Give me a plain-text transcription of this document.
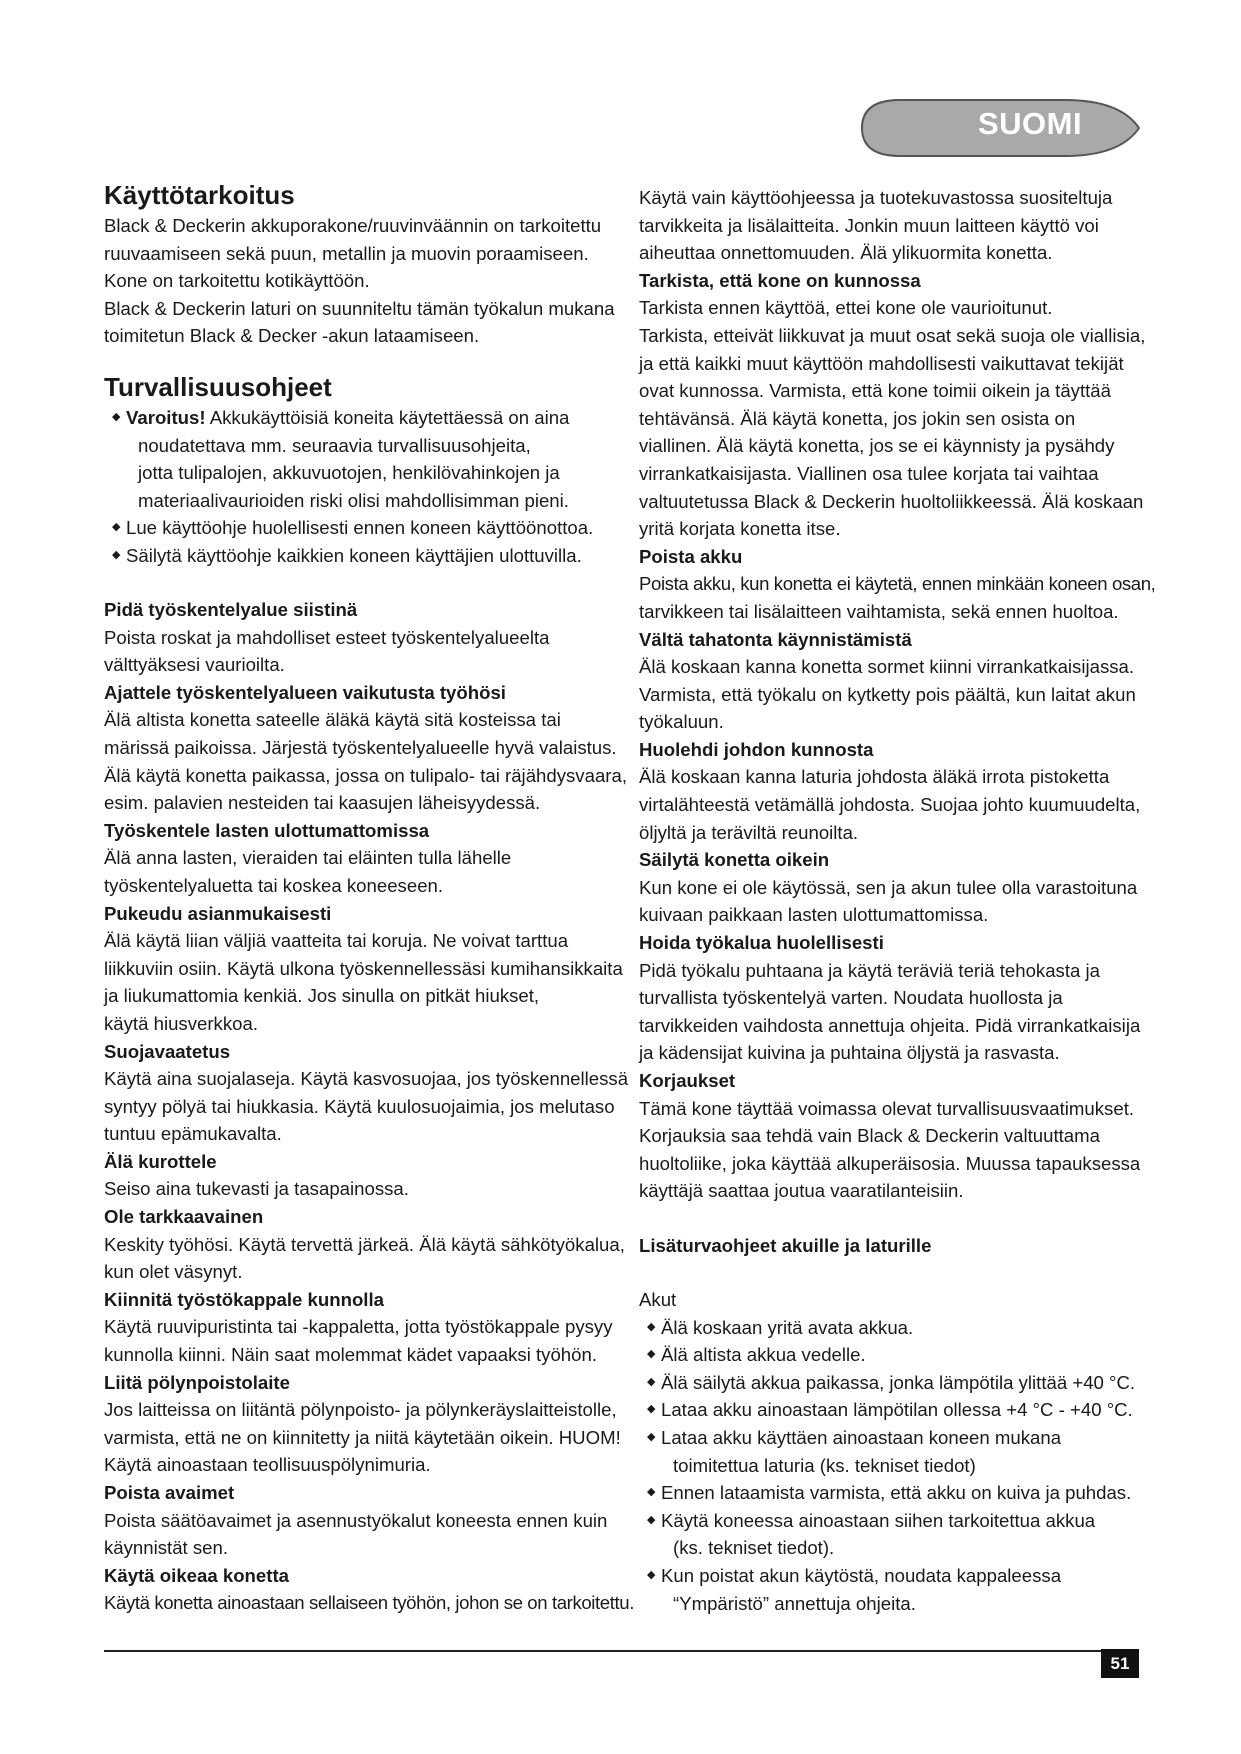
SUOMI
Käyttötarkoitus
Black & Deckerin akkuporakone/ruuvinväännin on tarkoitettu
ruuvaamiseen sekä puun, metallin ja muovin poraamiseen.
Kone on tarkoitettu kotikäyttöön.
Black & Deckerin laturi on suunniteltu tämän työkalun mukana
toimitetun Black & Decker -akun lataamiseen.
Turvallisuusohjeet
◆ Varoitus! Akkukäyttöisiä koneita käytettäessä on aina
noudatettava mm. seuraavia turvallisuusohjeita,
jotta tulipalojen, akkuvuotojen, henkilövahinkojen ja
materiaalivaurioiden riski olisi mahdollisimman pieni.
◆ Lue käyttöohje huolellisesti ennen koneen käyttöönottoa.
◆ Säilytä käyttöohje kaikkien koneen käyttäjien ulottuvilla.
Pidä työskentelyalue siistinä
Poista roskat ja mahdolliset esteet työskentelyalueelta
välttyäksesi vaurioilta.
Ajattele työskentelyalueen vaikutusta työhösi
Älä altista konetta sateelle äläkä käytä sitä kosteissa tai
märissä paikoissa. Järjestä työskentelyalueelle hyvä valaistus.
Älä käytä konetta paikassa, jossa on tulipalo- tai räjähdysvaara,
esim. palavien nesteiden tai kaasujen läheisyydessä.
Työskentele lasten ulottumattomissa
Älä anna lasten, vieraiden tai eläinten tulla lähelle
työskentelyaluetta tai koskea koneeseen.
Pukeudu asianmukaisesti
Älä käytä liian väljiä vaatteita tai koruja. Ne voivat tarttua
liikkuviin osiin. Käytä ulkona työskennellessäsi kumihansikkaita
ja liukumattomia kenkiä. Jos sinulla on pitkät hiukset,
käytä hiusverkkoa.
Suojavaatetus
Käytä aina suojalaseja. Käytä kasvosuojaa, jos työskennellessä
syntyy pölyä tai hiukkasia. Käytä kuulosuojaimia, jos melutaso
tuntuu epämukavalta.
Älä kurottele
Seiso aina tukevasti ja tasapainossa.
Ole tarkkaavainen
Keskity työhösi. Käytä tervettä järkeä. Älä käytä sähkötyökalua,
kun olet väsynyt.
Kiinnitä työstökappale kunnolla
Käytä ruuvipuristinta tai -kappaletta, jotta työstökappale pysyy
kunnolla kiinni. Näin saat molemmat kädet vapaaksi työhön.
Liitä pölynpoistolaite
Jos laitteissa on liitäntä pölynpoisto- ja pölynkeräyslaitteistolle,
varmista, että ne on kiinnitetty ja niitä käytetään oikein. HUOM!
Käytä ainoastaan teollisuuspölynimuria.
Poista avaimet
Poista säätöavaimet ja asennustyökalut koneesta ennen kuin
käynnistät sen.
Käytä oikeaa konetta
Käytä konetta ainoastaan sellaiseen työhön, johon se on tarkoitettu.
Käytä vain käyttöohjeessa ja tuotekuvastossa suositeltuja
tarvikkeita ja lisälaitteita. Jonkin muun laitteen käyttö voi
aiheuttaa onnettomuuden. Älä ylikuormita konetta.
Tarkista, että kone on kunnossa
Tarkista ennen käyttöä, ettei kone ole vaurioitunut.
Tarkista, etteivät liikkuvat ja muut osat sekä suoja ole viallisia,
ja että kaikki muut käyttöön mahdollisesti vaikuttavat tekijät
ovat kunnossa. Varmista, että kone toimii oikein ja täyttää
tehtävänsä. Älä käytä konetta, jos jokin sen osista on
viallinen. Älä käytä konetta, jos se ei käynnisty ja pysähdy
virrankatkaisijasta. Viallinen osa tulee korjata tai vaihtaa
valtuutetussa Black & Deckerin huoltoliikkeessä. Älä koskaan
yritä korjata konetta itse.
Poista akku
Poista akku, kun konetta ei käytetä, ennen minkään koneen osan,
tarvikkeen tai lisälaitteen vaihtamista, sekä ennen huoltoa.
Vältä tahatonta käynnistämistä
Älä koskaan kanna konetta sormet kiinni virrankatkaisijassa.
Varmista, että työkalu on kytketty pois päältä, kun laitat akun
työkaluun.
Huolehdi johdon kunnosta
Älä koskaan kanna laturia johdosta äläkä irrota pistoketta
virtalähteestä vetämällä johdosta. Suojaa johto kuumuudelta,
öljyltä ja teräviltä reunoilta.
Säilytä konetta oikein
Kun kone ei ole käytössä, sen ja akun tulee olla varastoituna
kuivaan paikkaan lasten ulottumattomissa.
Hoida työkalua huolellisesti
Pidä työkalu puhtaana ja käytä teräviä teriä tehokasta ja
turvallista työskentelyä varten. Noudata huollosta ja
tarvikkeiden vaihdosta annettuja ohjeita. Pidä virrankatkaisija
ja kädensijat kuivina ja puhtaina öljystä ja rasvasta.
Korjaukset
Tämä kone täyttää voimassa olevat turvallisuusvaatimukset.
Korjauksia saa tehdä vain Black & Deckerin valtuuttama
huoltoliike, joka käyttää alkuperäisosia. Muussa tapauksessa
käyttäjä saattaa joutua vaaratilanteisiin.
Lisäturvaohjeet akuille ja laturille
Akut
◆ Älä koskaan yritä avata akkua.
◆ Älä altista akkua vedelle.
◆ Älä säilytä akkua paikassa, jonka lämpötila ylittää +40 °C.
◆ Lataa akku ainoastaan lämpötilan ollessa +4 °C - +40 °C.
◆ Lataa akku käyttäen ainoastaan koneen mukana
toimitettua laturia (ks. tekniset tiedot)
◆ Ennen lataamista varmista, että akku on kuiva ja puhdas.
◆ Käytä koneessa ainoastaan siihen tarkoitettua akkua
(ks. tekniset tiedot).
◆ Kun poistat akun käytöstä, noudata kappaleessa
“Ympäristö” annettuja ohjeita.
51
